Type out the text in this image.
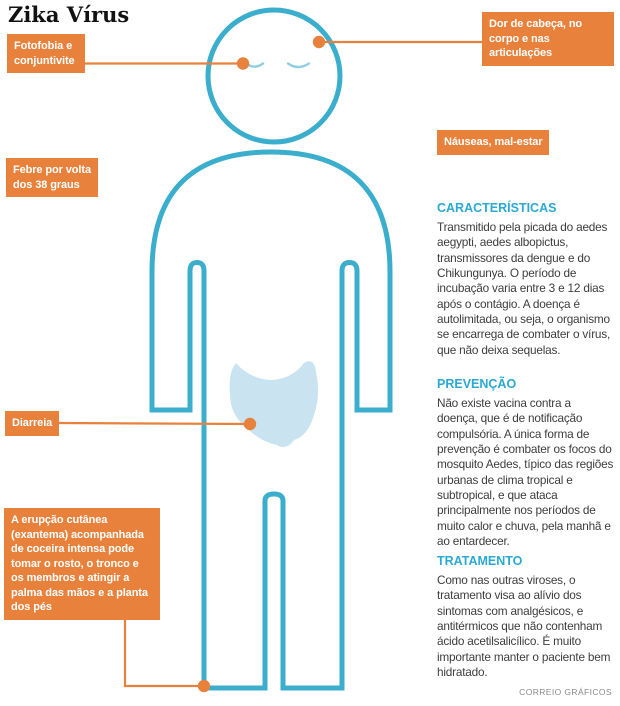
Zika Vírus
Fotofobia e conjuntivite
Dor de cabeça, no corpo e nas articulações
Náuseas, mal-estar
Febre por volta dos 38 graus
Diarreia
A erupção cutânea (exantema) acompanhada de coceira intensa pode tomar o rosto, o tronco e os membros e atingir a palma das mãos e a planta dos pés
CARACTERÍSTICAS

Transmitido pela picada do aedes aegypti, aedes albopictus, transmissores da dengue e do Chikungunya. O período de incubação varia entre 3 e 12 dias após o contágio. A doença é autolimitada, ou seja, o organismo se encarrega de combater o vírus, que não deixa sequelas.

PREVENÇÃO

Não existe vacina contra a doença, que é de notificação compulsória. A única forma de prevenção é combater os focos do mosquito Aedes, típico das regiões urbanas de clima tropical e subtropical, e que ataca principalmente nos períodos de muito calor e chuva, pela manhã e ao entardecer.

TRATAMENTO

Como nas outras viroses, o tratamento visa ao alívio dos sintomas com analgésicos, e antitérmicos que não contenham ácido acetilsalicílico. É muito importante manter o paciente bem hidratado.

CORREIO GRÁFICOS
